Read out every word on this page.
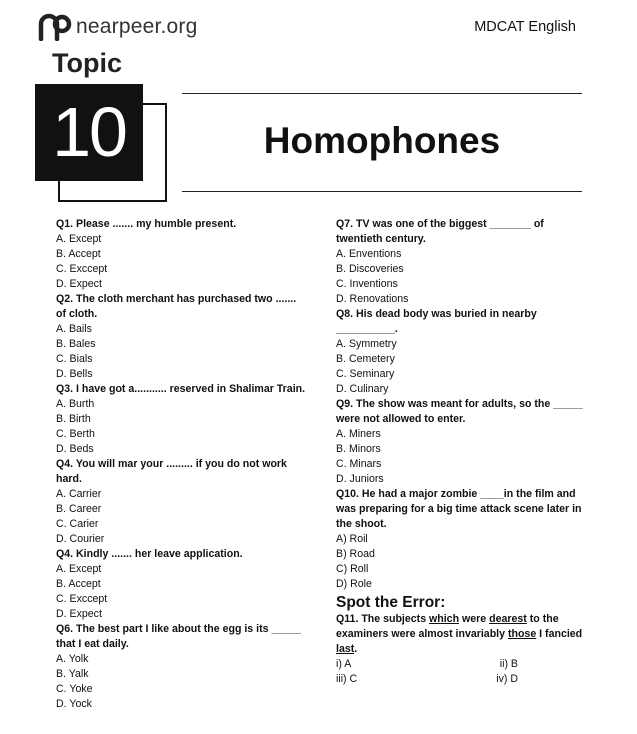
nearpeer.org	MDCAT English
Topic
10	Homophones

Q1. Please ....... my humble present.

A. Except

B. Accept

C. Exccept

D. Expect

Q2. The cloth merchant has purchased two ....... of cloth.

A. Bails

B. Bales

C. Bials

D. Bells

Q3. I have got a........... reserved in Shalimar Train.

A. Burth

B. Birth

C. Berth

D. Beds

Q4. You will mar your ......... if you do not work hard.

A. Carrier

B. Career

C. Carier

D. Courier

Q4. Kindly ....... her leave application.

A. Except

B. Accept

C. Exccept

D. Expect

Q6. The best part I like about the egg is its _____ that I eat daily.

A. Yolk

B. Yalk

C. Yoke

D. Yock

Q7. TV was one of the biggest _______ of twentieth century.

A. Enventions

B. Discoveries

C. Inventions

D. Renovations

Q8. His dead body was buried in nearby __________.

A. Symmetry

B. Cemetery

C. Seminary

D. Culinary

Q9. The show was meant for adults, so the _____ were not allowed to enter.

A. Miners

B. Minors

C. Minars

D. Juniors

Q10. He had a major zombie ____in the film and was preparing for a big time attack scene later in the shoot.

A) Roil

B) Road

C) Roll

D) Role

Spot the Error:

Q11. The subjects which were dearest to the examiners were almost invariably those I fancied last.

i) A	ii) B
iii) C	iv) D
